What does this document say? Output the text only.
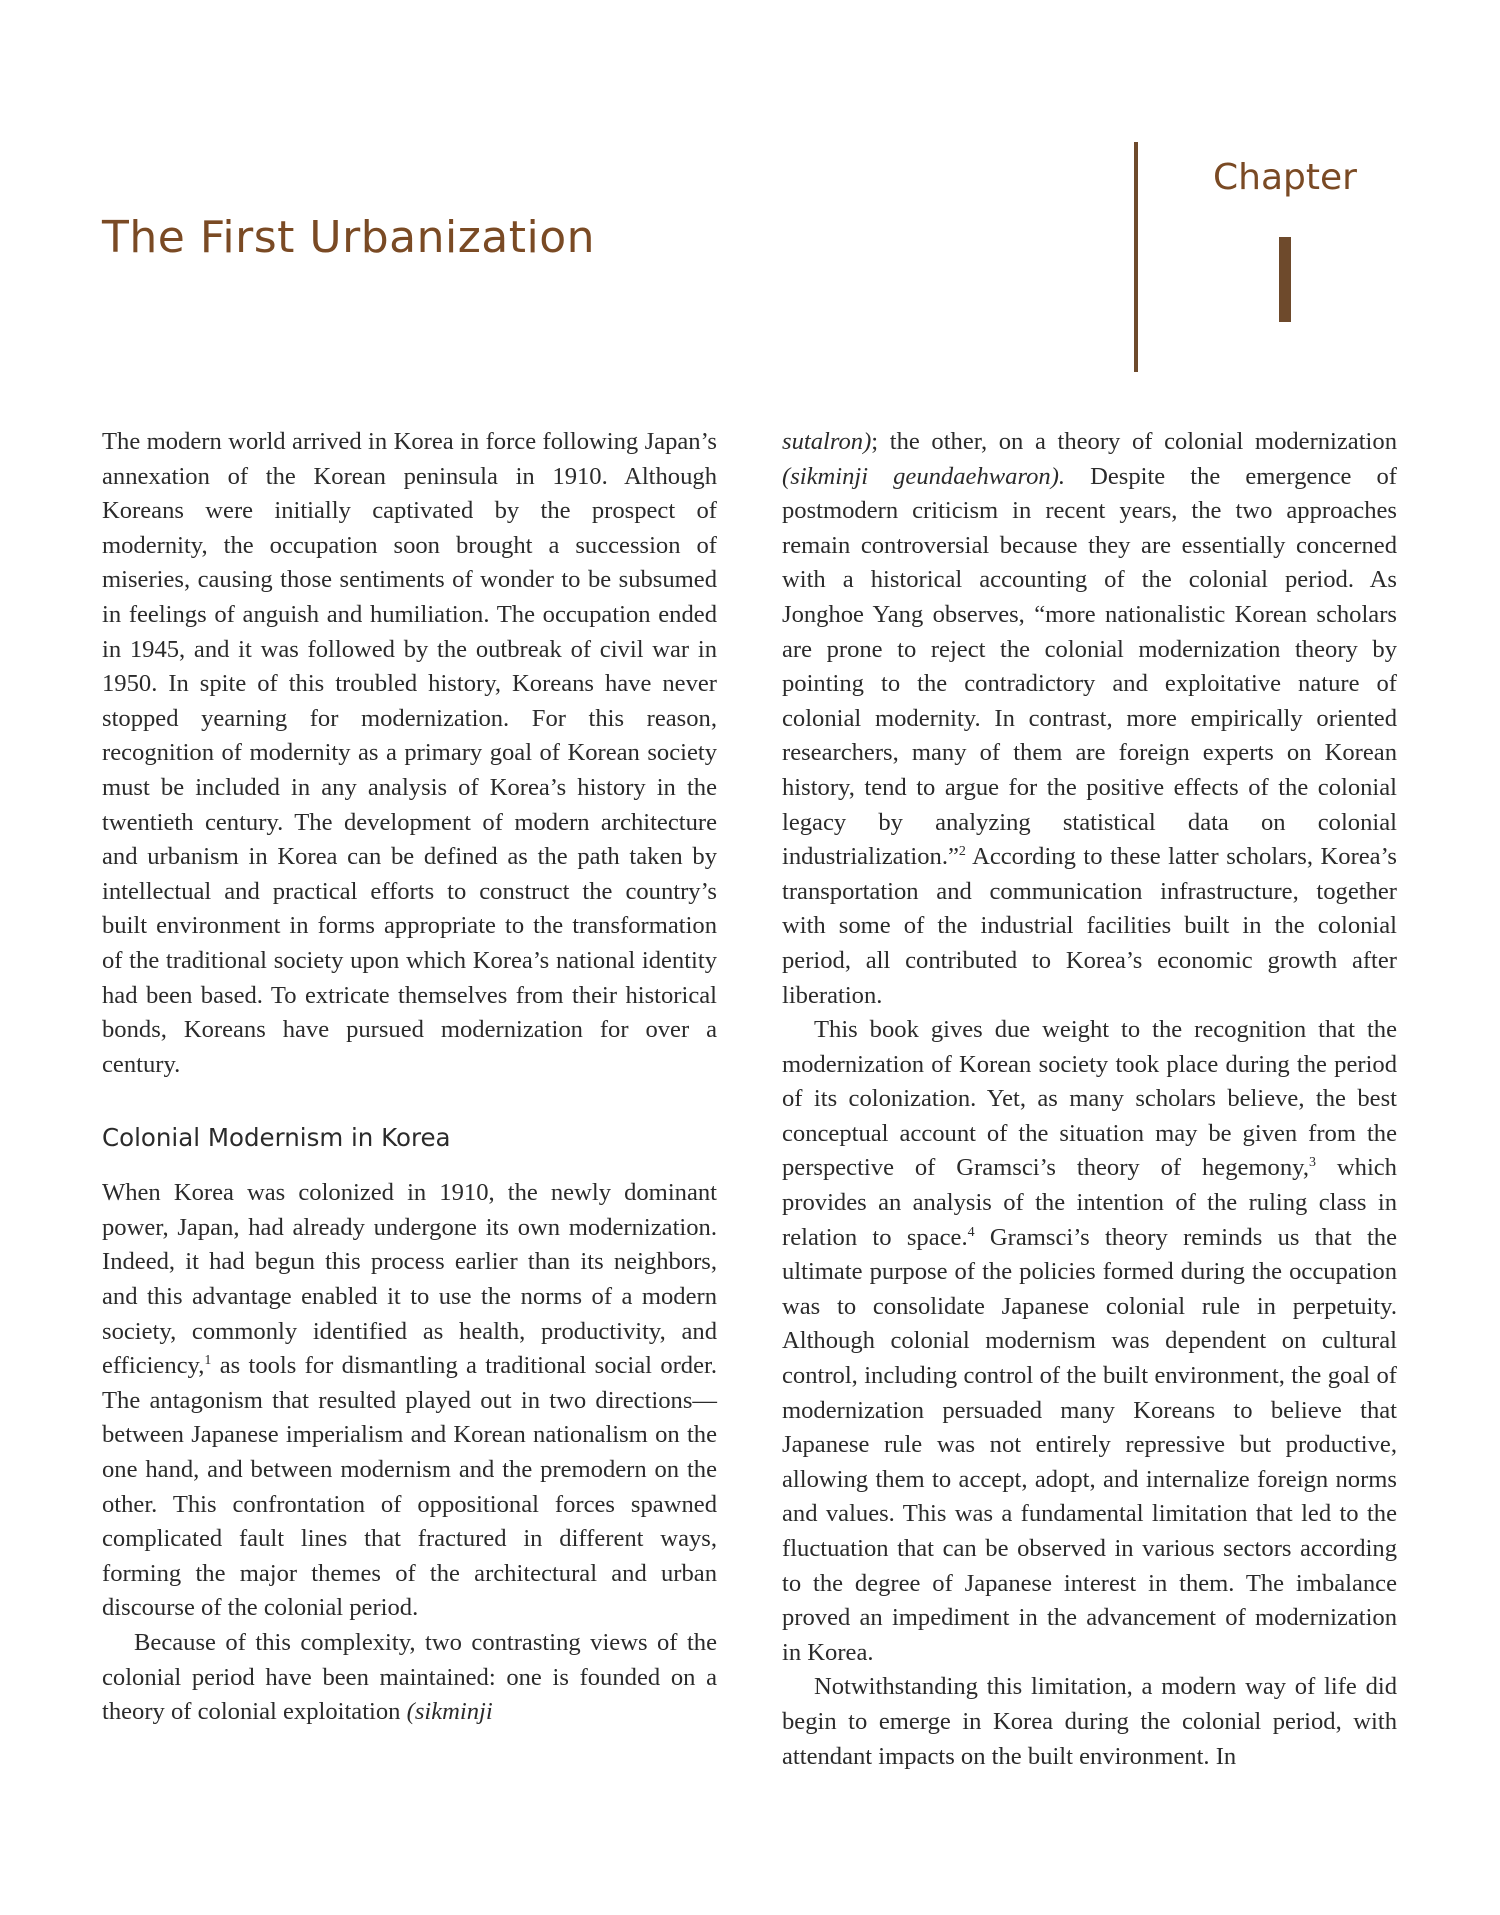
The First Urbanization
Chapter

The modern world arrived in Korea in force following Japan’s annexation of the Korean peninsula in 1910. Although Koreans were initially captivated by the prospect of modernity, the occupation soon brought a succession of miseries, causing those sentiments of wonder to be subsumed in feelings of anguish and humiliation. The occupation ended in 1945, and it was followed by the outbreak of civil war in 1950. In spite of this troubled history, Koreans have never stopped yearning for modernization. For this reason, recognition of modernity as a primary goal of Korean society must be included in any analysis of Korea’s history in the twentieth century. The development of modern architecture and urbanism in Korea can be defined as the path taken by intellectual and practical efforts to construct the country’s built environment in forms appropriate to the transformation of the traditional society upon which Korea’s national identity had been based. To extricate themselves from their historical bonds, Koreans have pursued modernization for over a century.

Colonial Modernism in Korea

When Korea was colonized in 1910, the newly dominant power, Japan, had already undergone its own modernization. Indeed, it had begun this process earlier than its neighbors, and this advantage enabled it to use the norms of a modern society, commonly identified as health, productivity, and efficiency,$^1$ as tools for dismantling a traditional social order. The antagonism that resulted played out in two directions—between Japanese imperialism and Korean nationalism on the one hand, and between modernism and the premodern on the other. This confrontation of oppositional forces spawned complicated fault lines that fractured in different ways, forming the major themes of the architectural and urban discourse of the colonial period.

Because of this complexity, two contrasting views of the colonial period have been maintained: one is founded on a theory of colonial exploitation (sikminji

sutalron); the other, on a theory of colonial modernization (sikminji geundaehwaron). Despite the emergence of postmodern criticism in recent years, the two approaches remain controversial because they are essentially concerned with a historical accounting of the colonial period. As Jonghoe Yang observes, “more nationalistic Korean scholars are prone to reject the colonial modernization theory by pointing to the contradictory and exploitative nature of colonial modernity. In contrast, more empirically oriented researchers, many of them are foreign experts on Korean history, tend to argue for the positive effects of the colonial legacy by analyzing statistical data on colonial industrialization.”$^2$ According to these latter scholars, Korea’s transportation and communication infrastructure, together with some of the industrial facilities built in the colonial period, all contributed to Korea’s economic growth after liberation.

This book gives due weight to the recognition that the modernization of Korean society took place during the period of its colonization. Yet, as many scholars believe, the best conceptual account of the situation may be given from the perspective of Gramsci’s theory of hegemony,$^3$ which provides an analysis of the intention of the ruling class in relation to space.$^4$ Gramsci’s theory reminds us that the ultimate purpose of the policies formed during the occupation was to consolidate Japanese colonial rule in perpetuity. Although colonial modernism was dependent on cultural control, including control of the built environment, the goal of modernization persuaded many Koreans to believe that Japanese rule was not entirely repressive but productive, allowing them to accept, adopt, and internalize foreign norms and values. This was a fundamental limitation that led to the fluctuation that can be observed in various sectors according to the degree of Japanese interest in them. The imbalance proved an impediment in the advancement of modernization in Korea.

Notwithstanding this limitation, a modern way of life did begin to emerge in Korea during the colonial period, with attendant impacts on the built environment. In
